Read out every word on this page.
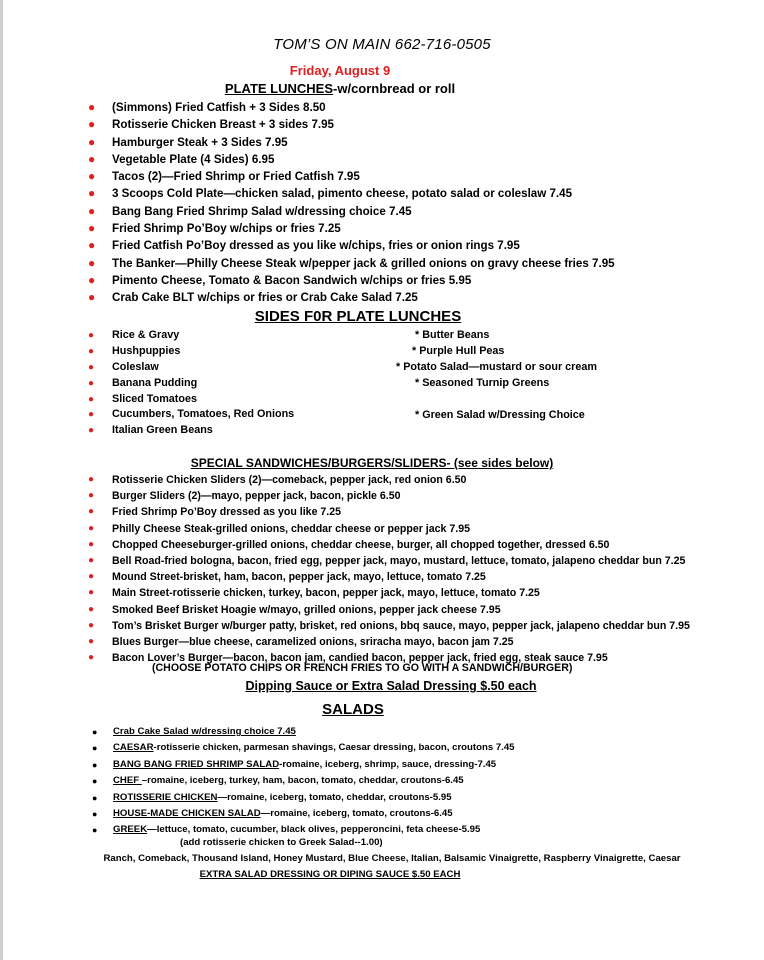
TOM’S ON MAIN 662-716-0505
Friday, August 9
PLATE LUNCHES-w/cornbread or roll
● (Simmons) Fried Catfish + 3 Sides 8.50
● Rotisserie Chicken Breast + 3 sides 7.95
● Hamburger Steak + 3 Sides 7.95
● Vegetable Plate (4 Sides) 6.95
● Tacos (2)—Fried Shrimp or Fried Catfish 7.95
● 3 Scoops Cold Plate—chicken salad, pimento cheese, potato salad or coleslaw 7.45
● Bang Bang Fried Shrimp Salad w/dressing choice 7.45
● Fried Shrimp Po’Boy w/chips or fries 7.25
● Fried Catfish Po’Boy dressed as you like w/chips, fries or onion rings 7.95
● The Banker—Philly Cheese Steak w/pepper jack & grilled onions on gravy cheese fries 7.95
● Pimento Cheese, Tomato & Bacon Sandwich w/chips or fries 5.95
● Crab Cake BLT w/chips or fries or Crab Cake Salad 7.25
SIDES F0R PLATE LUNCHES
● Rice & Gravy
● Hushpuppies
● Coleslaw
● Banana Pudding
● Sliced Tomatoes
● Cucumbers, Tomatoes, Red Onions
● Italian Green Beans
* Butter Beans
* Purple Hull Peas
* Potato Salad—mustard or sour cream
* Seasoned Turnip Greens
* Green Salad w/Dressing Choice
SPECIAL SANDWICHES/BURGERS/SLIDERS- (see sides below)
● Rotisserie Chicken Sliders (2)—comeback, pepper jack, red onion 6.50
● Burger Sliders (2)—mayo, pepper jack, bacon, pickle 6.50
● Fried Shrimp Po’Boy dressed as you like 7.25
● Philly Cheese Steak-grilled onions, cheddar cheese or pepper jack 7.95
● Chopped Cheeseburger-grilled onions, cheddar cheese, burger, all chopped together, dressed 6.50
● Bell Road-fried bologna, bacon, fried egg, pepper jack, mayo, mustard, lettuce, tomato, jalapeno cheddar bun 7.25
● Mound Street-brisket, ham, bacon, pepper jack, mayo, lettuce, tomato 7.25
● Main Street-rotisserie chicken, turkey, bacon, pepper jack, mayo, lettuce, tomato 7.25
● Smoked Beef Brisket Hoagie w/mayo, grilled onions, pepper jack cheese 7.95
● Tom’s Brisket Burger w/burger patty, brisket, red onions, bbq sauce, mayo, pepper jack, jalapeno cheddar bun 7.95
● Blues Burger—blue cheese, caramelized onions, sriracha mayo, bacon jam 7.25
● Bacon Lover’s Burger—bacon, bacon jam, candied bacon, pepper jack, fried egg, steak sauce 7.95
(CHOOSE POTATO CHIPS OR FRENCH FRIES TO GO WITH A SANDWICH/BURGER)
Dipping Sauce or Extra Salad Dressing $.50 each
SALADS
● Crab Cake Salad w/dressing choice 7.45
● CAESAR-rotisserie chicken, parmesan shavings, Caesar dressing, bacon, croutons 7.45
● BANG BANG FRIED SHRIMP SALAD-romaine, iceberg, shrimp, sauce, dressing-7.45
● CHEF –romaine, iceberg, turkey, ham, bacon, tomato, cheddar, croutons-6.45
● ROTISSERIE CHICKEN—romaine, iceberg, tomato, cheddar, croutons-5.95
● HOUSE-MADE CHICKEN SALAD—romaine, iceberg, tomato, croutons-6.45
● GREEK—lettuce, tomato, cucumber, black olives, pepperoncini, feta cheese-5.95
(add rotisserie chicken to Greek Salad--1.00)
Ranch, Comeback, Thousand Island, Honey Mustard, Blue Cheese, Italian, Balsamic Vinaigrette, Raspberry Vinaigrette, Caesar
EXTRA SALAD DRESSING OR DIPING SAUCE $.50 EACH
